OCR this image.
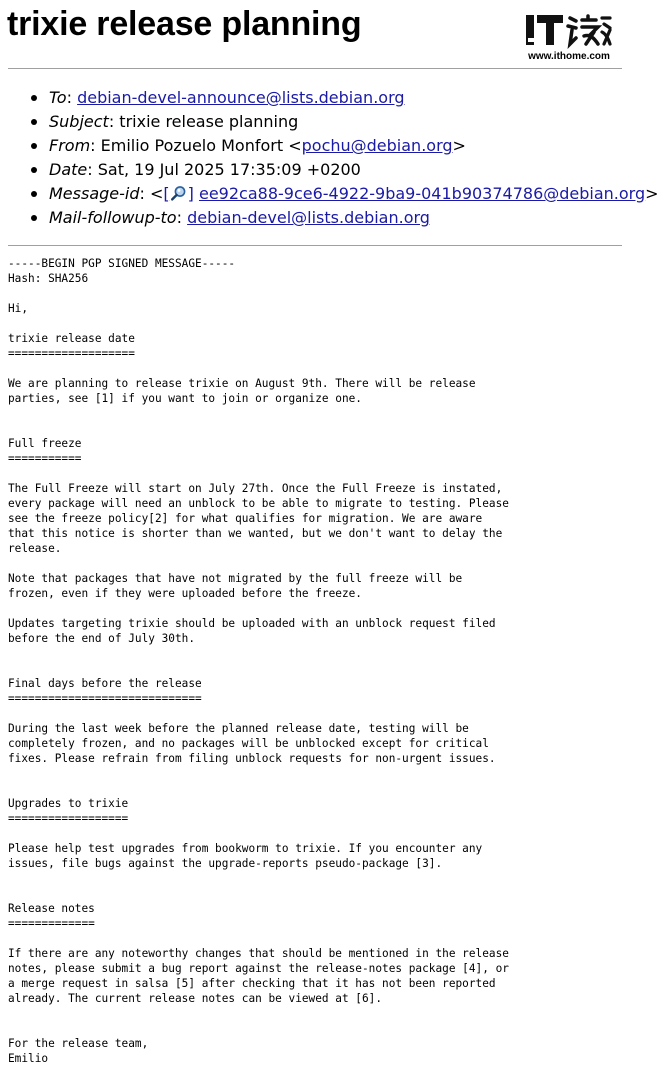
trixie release planning
www.ithome.com
To: debian-devel-announce@lists.debian.org
Subject: trixie release planning
From: Emilio Pozuelo Monfort <pochu@debian.org>
Date: Sat, 19 Jul 2025 17:35:09 +0200
Message-id: <[ ] ee92ca88-9ce6-4922-9ba9-041b90374786@debian.org>
Mail-followup-to: debian-devel@lists.debian.org
-----BEGIN PGP SIGNED MESSAGE-----
Hash: SHA256
Hi,
trixie release date
===================
We are planning to release trixie on August 9th. There will be release
parties, see [1] if you want to join or organize one.
Full freeze
===========
The Full Freeze will start on July 27th. Once the Full Freeze is instated,
every package will need an unblock to be able to migrate to testing. Please
see the freeze policy[2] for what qualifies for migration. We are aware
that this notice is shorter than we wanted, but we don't want to delay the
release.
Note that packages that have not migrated by the full freeze will be
frozen, even if they were uploaded before the freeze.
Updates targeting trixie should be uploaded with an unblock request filed
before the end of July 30th.
Final days before the release
=============================
During the last week before the planned release date, testing will be
completely frozen, and no packages will be unblocked except for critical
fixes. Please refrain from filing unblock requests for non-urgent issues.
Upgrades to trixie
==================
Please help test upgrades from bookworm to trixie. If you encounter any
issues, file bugs against the upgrade-reports pseudo-package [3].
Release notes
=============
If there are any noteworthy changes that should be mentioned in the release
notes, please submit a bug report against the release-notes package [4], or
a merge request in salsa [5] after checking that it has not been reported
already. The current release notes can be viewed at [6].
For the release team,
Emilio
